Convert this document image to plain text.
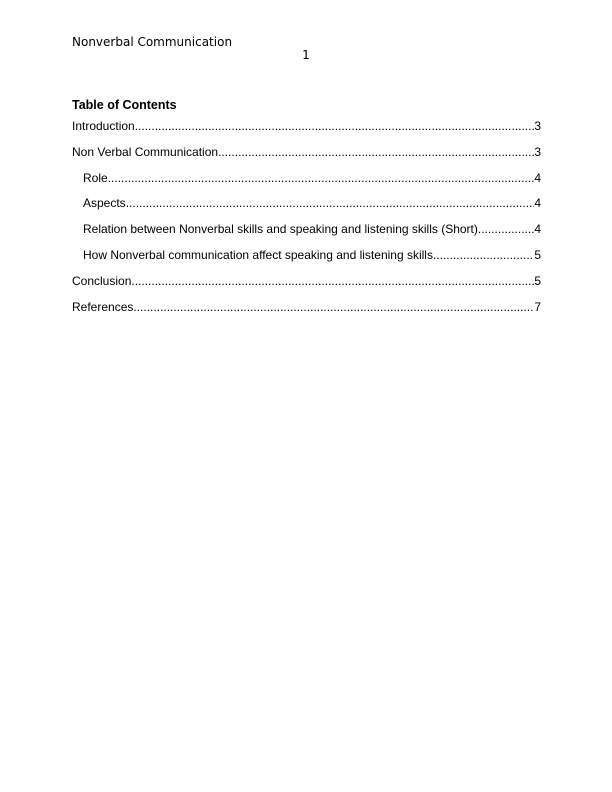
Nonverbal Communication
1
Table of Contents
Introduction .....	3
Non Verbal Communication .....	3
Role .....	4
Aspects .....	4
Relation between Nonverbal skills and speaking and listening skills (Short) .....	4
How Nonverbal communication affect speaking and listening skills .....	5
Conclusion .....	5
References .....	7
